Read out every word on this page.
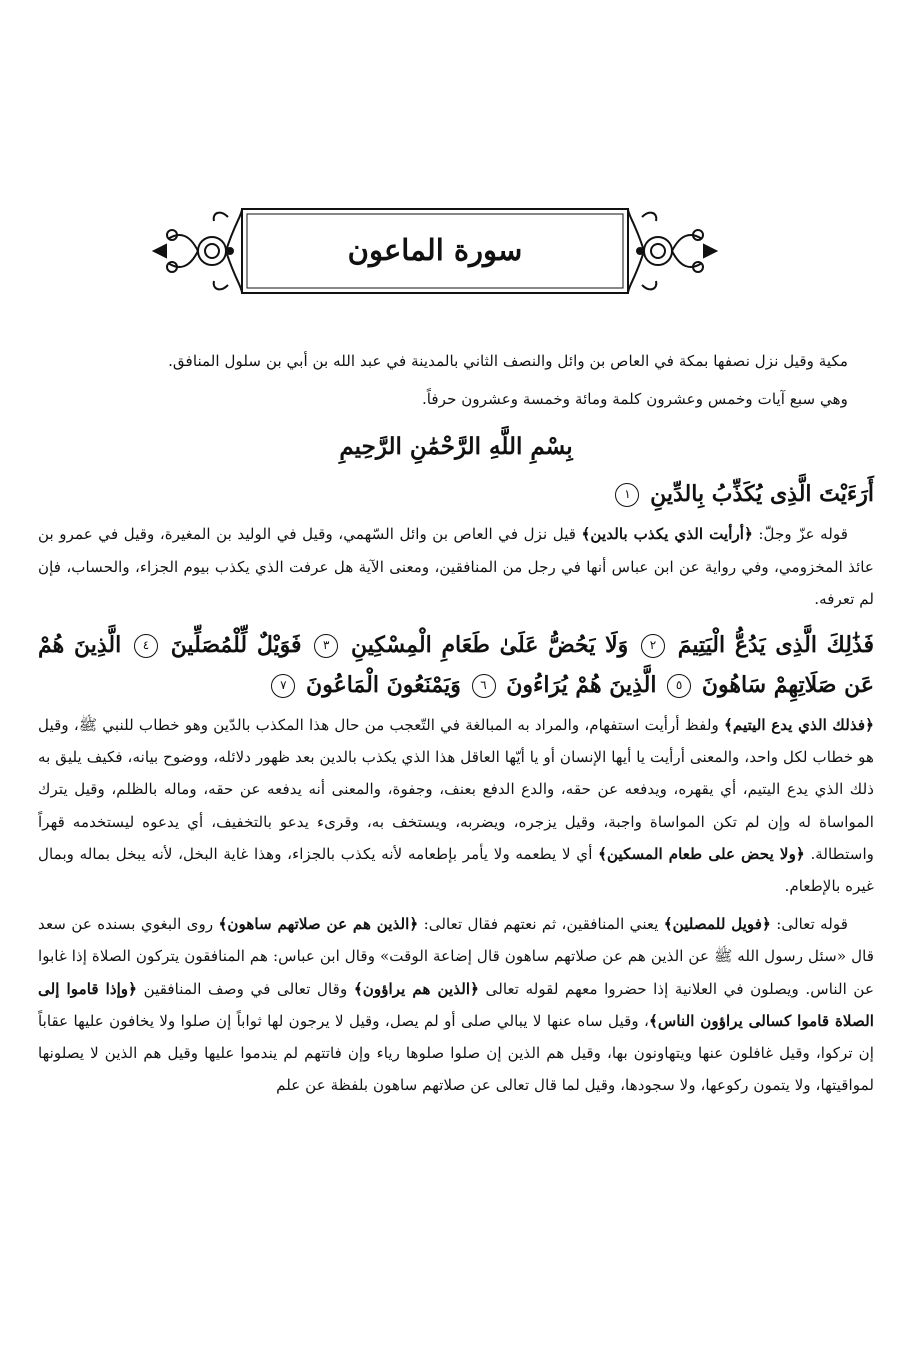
سورة الماعون

مكية وقيل نزل نصفها بمكة في العاص بن وائل والنصف الثاني بالمدينة في عبد الله بن أبي بن سلول المنافق.

وهي سبع آيات وخمس وعشرون كلمة ومائة وخمسة وعشرون حرفاً.

بِسْمِ اللَّهِ الرَّحْمَٰنِ الرَّحِيمِ
أَرَءَيْتَ الَّذِى يُكَذِّبُ بِالدِّينِ ١

قوله عزّ وجلّ: ﴿أرأيت الذي يكذب بالدين﴾ قيل نزل في العاص بن وائل السّهمي، وقيل في الوليد بن المغيرة، وقيل في عمرو بن عائذ المخزومي، وفي رواية عن ابن عباس أنها في رجل من المنافقين، ومعنى الآية هل عرفت الذي يكذب بيوم الجزاء، والحساب، فإن لم تعرفه.

فَذَٰلِكَ الَّذِى يَدُعُّ الْيَتِيمَ ٢ وَلَا يَحُضُّ عَلَىٰ طَعَامِ الْمِسْكِينِ ٣ فَوَيْلٌ لِّلْمُصَلِّينَ ٤ الَّذِينَ هُمْ عَن صَلَاتِهِمْ سَاهُونَ ٥ الَّذِينَ هُمْ يُرَاءُونَ ٦ وَيَمْنَعُونَ الْمَاعُونَ ٧

﴿فذلك الذي يدع اليتيم﴾ ولفظ أرأيت استفهام، والمراد به المبالغة في التّعجب من حال هذا المكذب بالدّين وهو خطاب للنبي ﷺ، وقيل هو خطاب لكل واحد، والمعنى أرأيت يا أيها الإنسان أو يا أيّها العاقل هذا الذي يكذب بالدين بعد ظهور دلائله، ووضوح بيانه، فكيف يليق به ذلك الذي يدع اليتيم، أي يقهره، ويدفعه عن حقه، والدع الدفع بعنف، وجفوة، والمعنى أنه يدفعه عن حقه، وماله بالظلم، وقيل يترك المواساة له وإن لم تكن المواساة واجبة، وقيل يزجره، ويضربه، ويستخف به، وقرىء يدعو بالتخفيف، أي يدعوه ليستخدمه قهراً واستطالة. ﴿ولا يحض على طعام المسكين﴾ أي لا يطعمه ولا يأمر بإطعامه لأنه يكذب بالجزاء، وهذا غاية البخل، لأنه يبخل بماله وبمال غيره بالإطعام.

قوله تعالى: ﴿فويل للمصلين﴾ يعني المنافقين، ثم نعتهم فقال تعالى: ﴿الذين هم عن صلاتهم ساهون﴾ روى البغوي بسنده عن سعد قال «سئل رسول الله ﷺ عن الذين هم عن صلاتهم ساهون قال إضاعة الوقت» وقال ابن عباس: هم المنافقون يتركون الصلاة إذا غابوا عن الناس. ويصلون في العلانية إذا حضروا معهم لقوله تعالى ﴿الذين هم يراؤون﴾ وقال تعالى في وصف المنافقين ﴿وإذا قاموا إلى الصلاة قاموا كسالى يراؤون الناس﴾، وقيل ساه عنها لا يبالي صلى أو لم يصل، وقيل لا يرجون لها ثواباً إن صلوا ولا يخافون عليها عقاباً إن تركوا، وقيل غافلون عنها ويتهاونون بها، وقيل هم الذين إن صلوا صلوها رياء وإن فاتتهم لم يندموا عليها وقيل هم الذين لا يصلونها لمواقيتها، ولا يتمون ركوعها، ولا سجودها، وقيل لما قال تعالى عن صلاتهم ساهون بلفظة عن علم
